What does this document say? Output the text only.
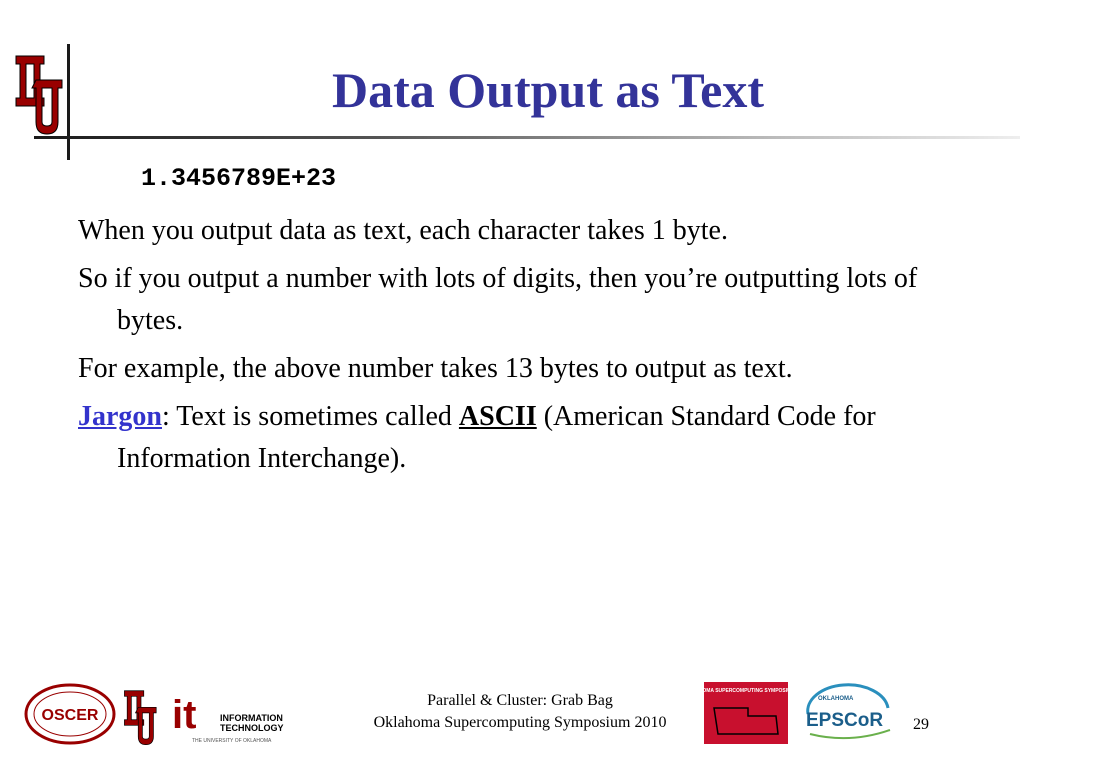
Data Output as Text
1.3456789E+23

When you output data as text, each character takes 1 byte.

So if you output a number with lots of digits, then you’re outputting lots of bytes.

For example, the above number takes 13 bytes to output as text.

Jargon: Text is sometimes called ASCII (American Standard Code for Information Interchange).

OSCER it	INFORMATION
TECHNOLOGY
THE UNIVERSITY OF OKLAHOMA
Parallel & Cluster: Grab Bag
Oklahoma Supercomputing Symposium 2010
OKLAHOMA SUPERCOMPUTING SYMPOSIUM 2010
OKLAHOMA
EPSCoR 29
